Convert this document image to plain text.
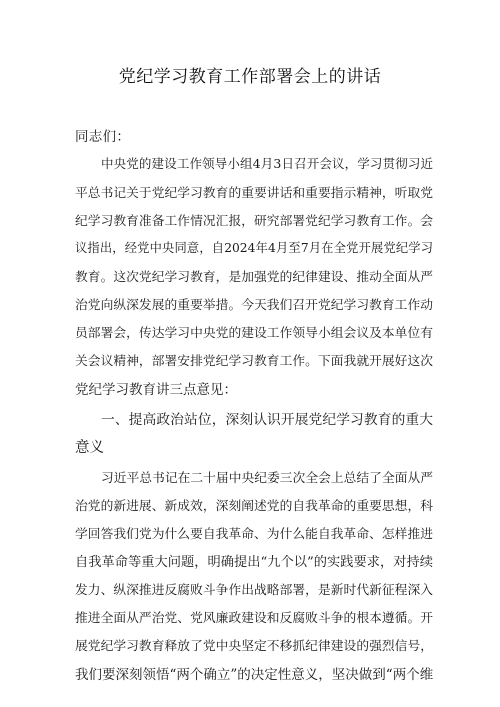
党纪学习教育工作部署会上的讲话
同志们：
中央党的建设工作领导小组4月3日召开会议，学习贯彻习近
平总书记关于党纪学习教育的重要讲话和重要指示精神，听取党
纪学习教育准备工作情况汇报，研究部署党纪学习教育工作。会
议指出，经党中央同意，自2024年4月至7月在全党开展党纪学习
教育。这次党纪学习教育，是加强党的纪律建设、推动全面从严
治党向纵深发展的重要举措。今天我们召开党纪学习教育工作动
员部署会，传达学习中央党的建设工作领导小组会议及本单位有
关会议精神，部署安排党纪学习教育工作。下面我就开展好这次
党纪学习教育讲三点意见：
一、提高政治站位，深刻认识开展党纪学习教育的重大
意义
习近平总书记在二十届中央纪委三次全会上总结了全面从严
治党的新进展、新成效，深刻阐述党的自我革命的重要思想，科
学回答我们党为什么要自我革命、为什么能自我革命、怎样推进
自我革命等重大问题，明确提出“九个以”的实践要求，对持续
发力、纵深推进反腐败斗争作出战略部署，是新时代新征程深入
推进全面从严治党、党风廉政建设和反腐败斗争的根本遵循。开
展党纪学习教育释放了党中央坚定不移抓纪律建设的强烈信号，
我们要深刻领悟“两个确立”的决定性意义，坚决做到“两个维
